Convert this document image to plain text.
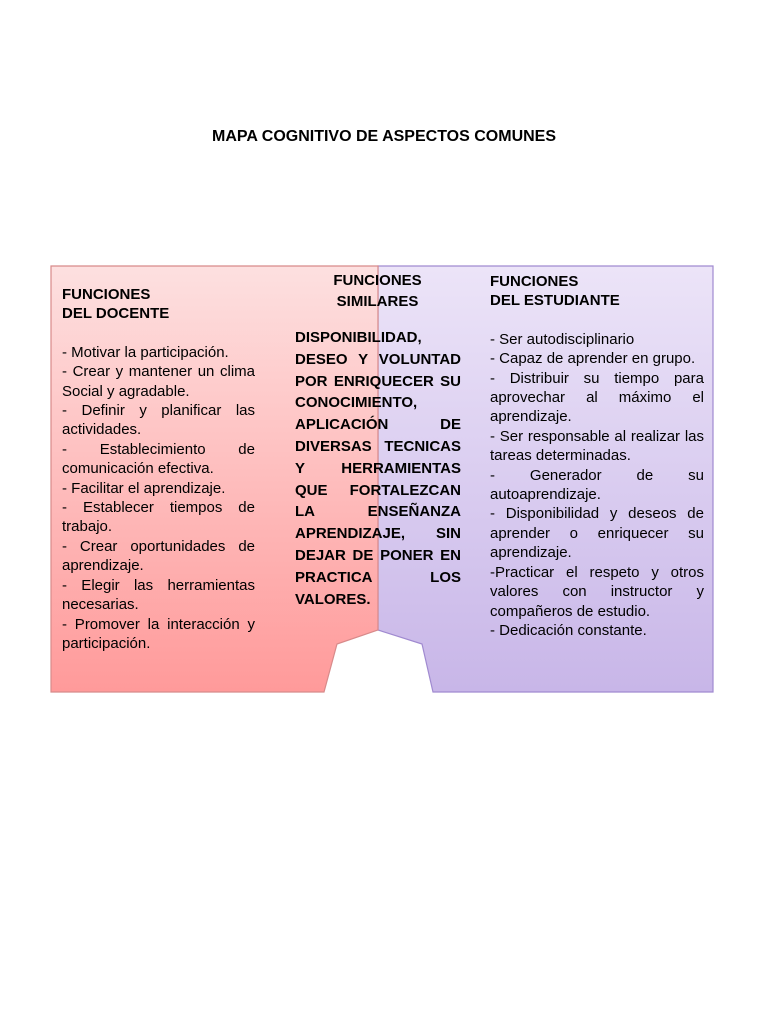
MAPA COGNITIVO DE ASPECTOS COMUNES
FUNCIONES
DEL DOCENTE
- Motivar la participación.
- Crear y mantener un clima Social y agradable.
- Definir y planificar las actividades.
- Establecimiento de comunicación efectiva.
- Facilitar el aprendizaje.
- Establecer tiempos de trabajo.
- Crear oportunidades de aprendizaje.
- Elegir las herramientas necesarias.
- Promover la interacción y participación.
FUNCIONES
SIMILARES
DISPONIBILIDAD, DESEO Y VOLUNTAD POR ENRIQUECER SU CONOCIMIENTO, APLICACIÓN DE DIVERSAS TECNICAS Y HERRAMIENTAS QUE FORTALEZCAN LA ENSEÑANZA APRENDIZAJE, SIN DEJAR DE PONER EN PRACTICA LOS VALORES.
FUNCIONES
DEL ESTUDIANTE
- Ser autodisciplinario
- Capaz de aprender en grupo.
- Distribuir su tiempo para aprovechar al máximo el aprendizaje.
- Ser responsable al realizar las tareas determinadas.
- Generador de su autoaprendizaje.
- Disponibilidad y deseos de aprender o enriquecer su aprendizaje.
-Practicar el respeto y otros valores con instructor y compañeros de estudio.
- Dedicación constante.
